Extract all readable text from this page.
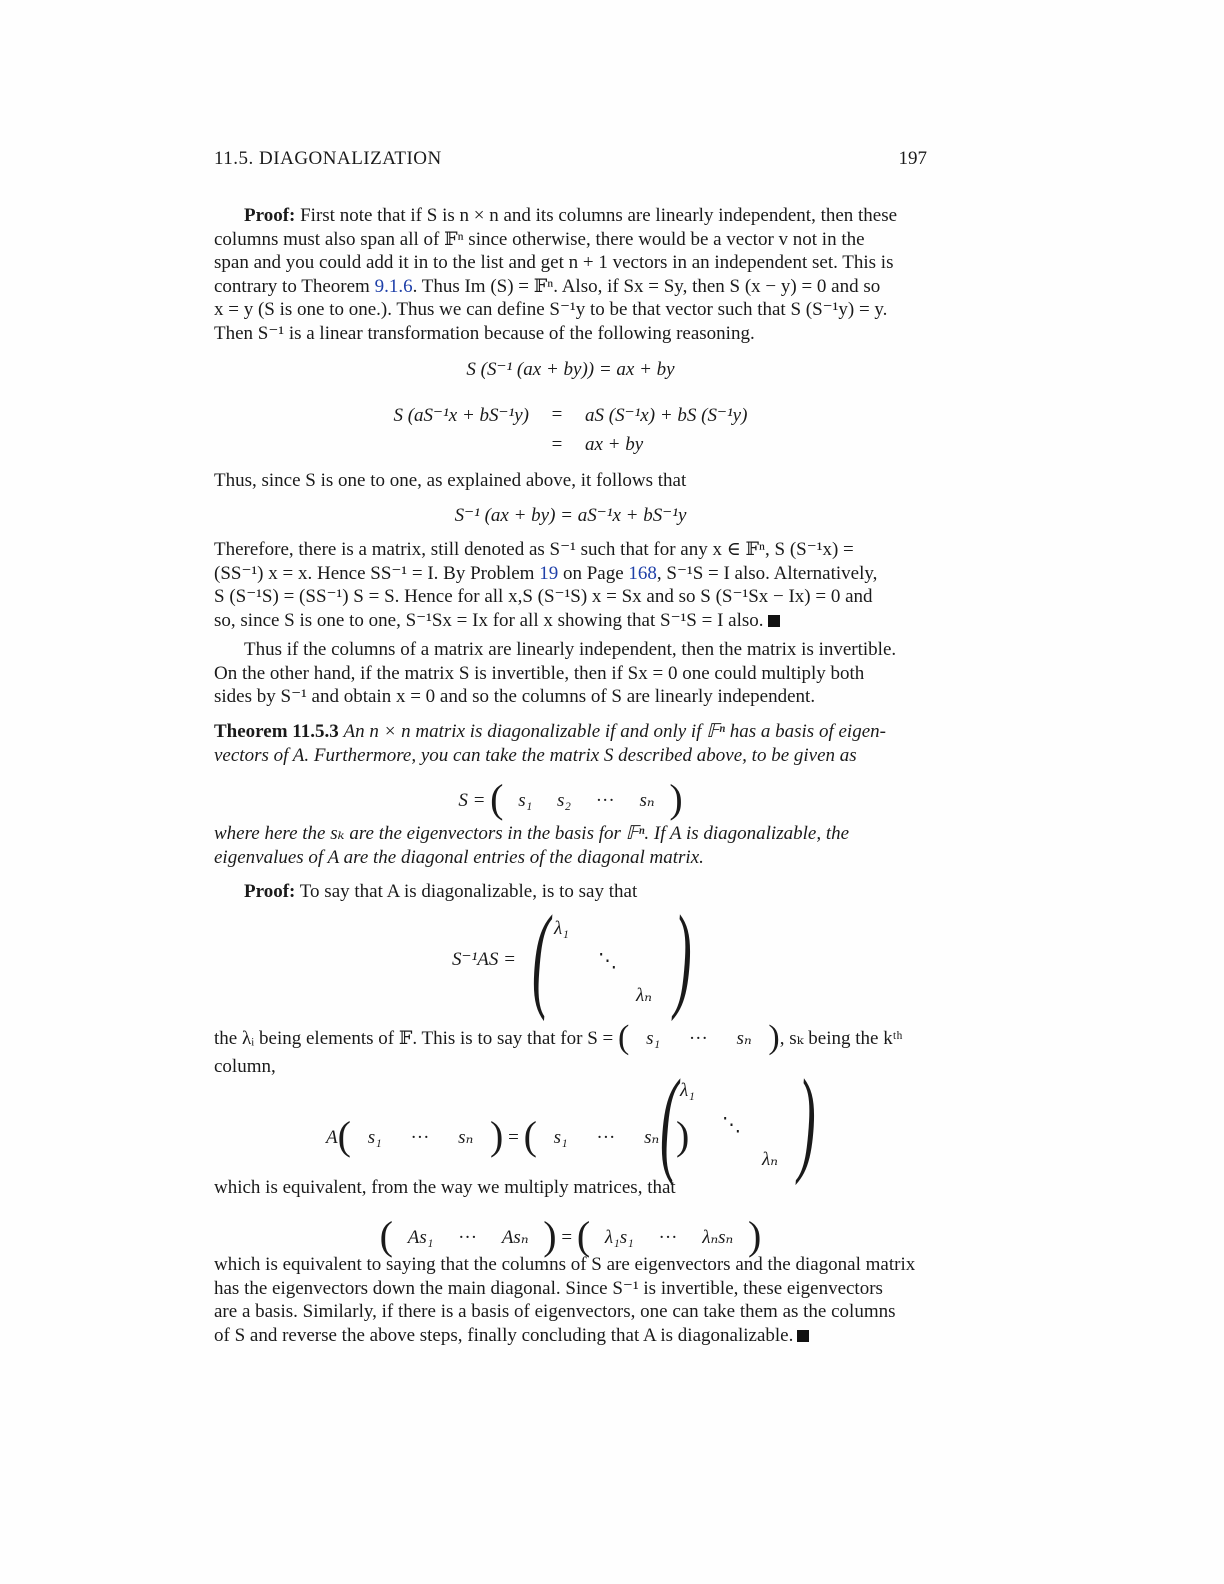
11.5. DIAGONALIZATION	197
Proof: First note that if S is n × n and its columns are linearly independent, then these
columns must also span all of 𝔽ⁿ since otherwise, there would be a vector v not in the
span and you could add it in to the list and get n + 1 vectors in an independent set. This is
contrary to Theorem 9.1.6. Thus Im (S) = 𝔽ⁿ. Also, if Sx = Sy, then S (x − y) = 0 and so
x = y (S is one to one.). Thus we can define S⁻¹y to be that vector such that S (S⁻¹y) = y.
Then S⁻¹ is a linear transformation because of the following reasoning.
S (S⁻¹ (ax + by)) = ax + by
S (aS⁻¹x + bS⁻¹y)	=	aS (S⁻¹x) + bS (S⁻¹y)
	=	ax + by
Thus, since S is one to one, as explained above, it follows that
S⁻¹ (ax + by) = aS⁻¹x + bS⁻¹y
Therefore, there is a matrix, still denoted as S⁻¹ such that for any x ∈ 𝔽ⁿ, S (S⁻¹x) =
(SS⁻¹) x = x. Hence SS⁻¹ = I. By Problem 19 on Page 168, S⁻¹S = I also. Alternatively,
S (S⁻¹S) = (SS⁻¹) S = S. Hence for all x,S (S⁻¹S) x = Sx and so S (S⁻¹Sx − Ix) = 0 and
so, since S is one to one, S⁻¹Sx = Ix for all x showing that S⁻¹S = I also.
Thus if the columns of a matrix are linearly independent, then the matrix is invertible.
On the other hand, if the matrix S is invertible, then if Sx = 0 one could multiply both
sides by S⁻¹ and obtain x = 0 and so the columns of S are linearly independent.
Theorem 11.5.3 An n × n matrix is diagonalizable if and only if 𝔽ⁿ has a basis of eigen-
vectors of A. Furthermore, you can take the matrix S described above, to be given as
S = ( s₁ s₂ ··· sₙ )
where here the sₖ are the eigenvectors in the basis for 𝔽ⁿ. If A is diagonalizable, the
eigenvalues of A are the diagonal entries of the diagonal matrix.
Proof: To say that A is diagonalizable, is to say that
S⁻¹AS = ( )
λ₁
⋱
λₙ
the λᵢ being elements of 𝔽. This is to say that for S = ( s₁ ··· sₙ ), sₖ being the kᵗʰ
column,
A( s₁ ··· sₙ ) = ( s₁ ··· sₙ )
( )
λ₁
⋱
λₙ
which is equivalent, from the way we multiply matrices, that
( As₁ ··· Asₙ ) = ( λ₁s₁ ··· λₙsₙ )
which is equivalent to saying that the columns of S are eigenvectors and the diagonal matrix
has the eigenvectors down the main diagonal. Since S⁻¹ is invertible, these eigenvectors
are a basis. Similarly, if there is a basis of eigenvectors, one can take them as the columns
of S and reverse the above steps, finally concluding that A is diagonalizable.
